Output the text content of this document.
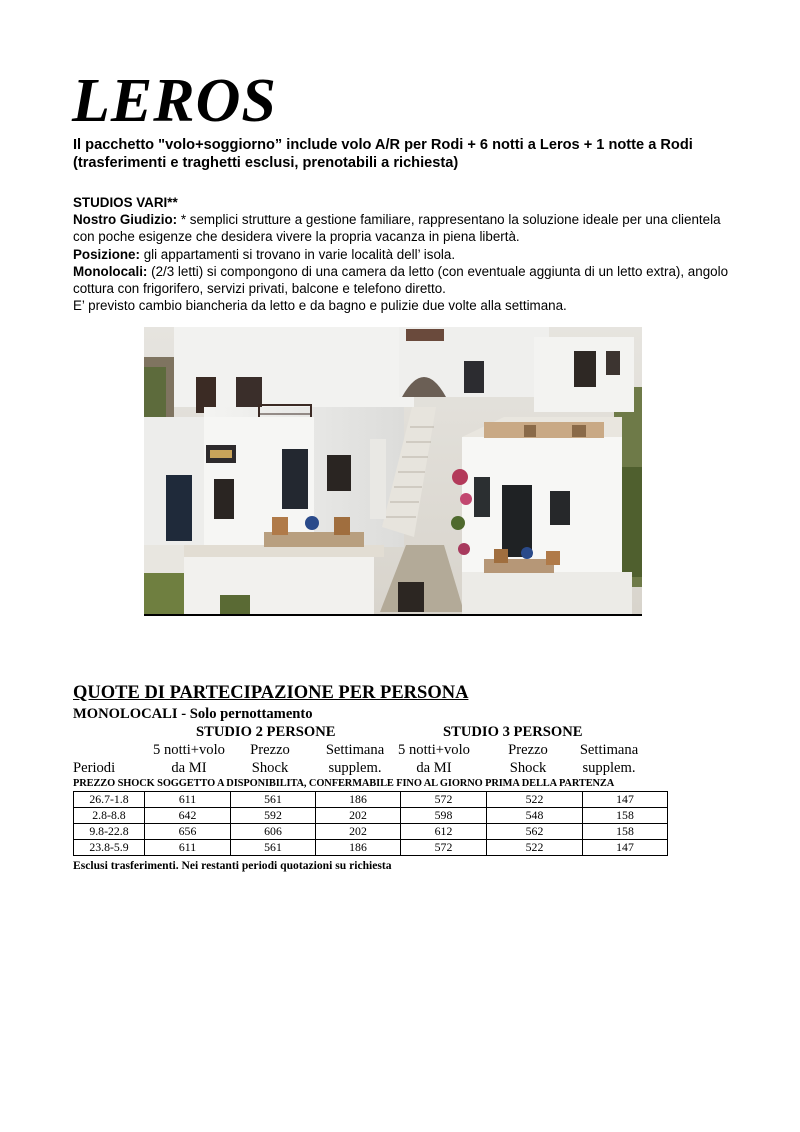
LEROS

Il pacchetto "volo+soggiorno” include volo A/R per Rodi + 6 notti a Leros + 1 notte a Rodi (trasferimenti e traghetti esclusi, prenotabili a richiesta)

STUDIOS VARI**

Nostro Giudizio: * semplici strutture a gestione familiare, rappresentano la soluzione ideale per una clientela con poche esigenze che desidera vivere la propria vacanza in piena libertà.

Posizione: gli appartamenti si trovano in varie località dell’ isola.

Monolocali: (2/3 letti) si compongono di una camera da letto (con eventuale aggiunta di un letto extra), angolo cottura con frigorifero, servizi privati, balcone e telefono diretto.

E’ previsto cambio biancheria da letto e da bagno e pulizie due volte alla settimana.

QUOTE DI PARTECIPAZIONE PER PERSONA
MONOLOCALI - Solo pernottamento
STUDIO 2 PERSONE	STUDIO 3 PERSONE
5 notti+volo	Prezzo	Settimana 5 notti+volo	Prezzo	Settimana
Periodi	da MI	Shock	supplem.	da MI	Shock	supplem.
PREZZO SHOCK SOGGETTO A DISPONIBILITA, CONFERMABILE FINO AL GIORNO PRIMA DELLA PARTENZA
26.7-1.8	611	561	186	572	522	147
2.8-8.8	642	592	202	598	548	158
9.8-22.8	656	606	202	612	562	158
23.8-5.9	611	561	186	572	522	147
Esclusi trasferimenti. Nei restanti periodi quotazioni su richiesta
